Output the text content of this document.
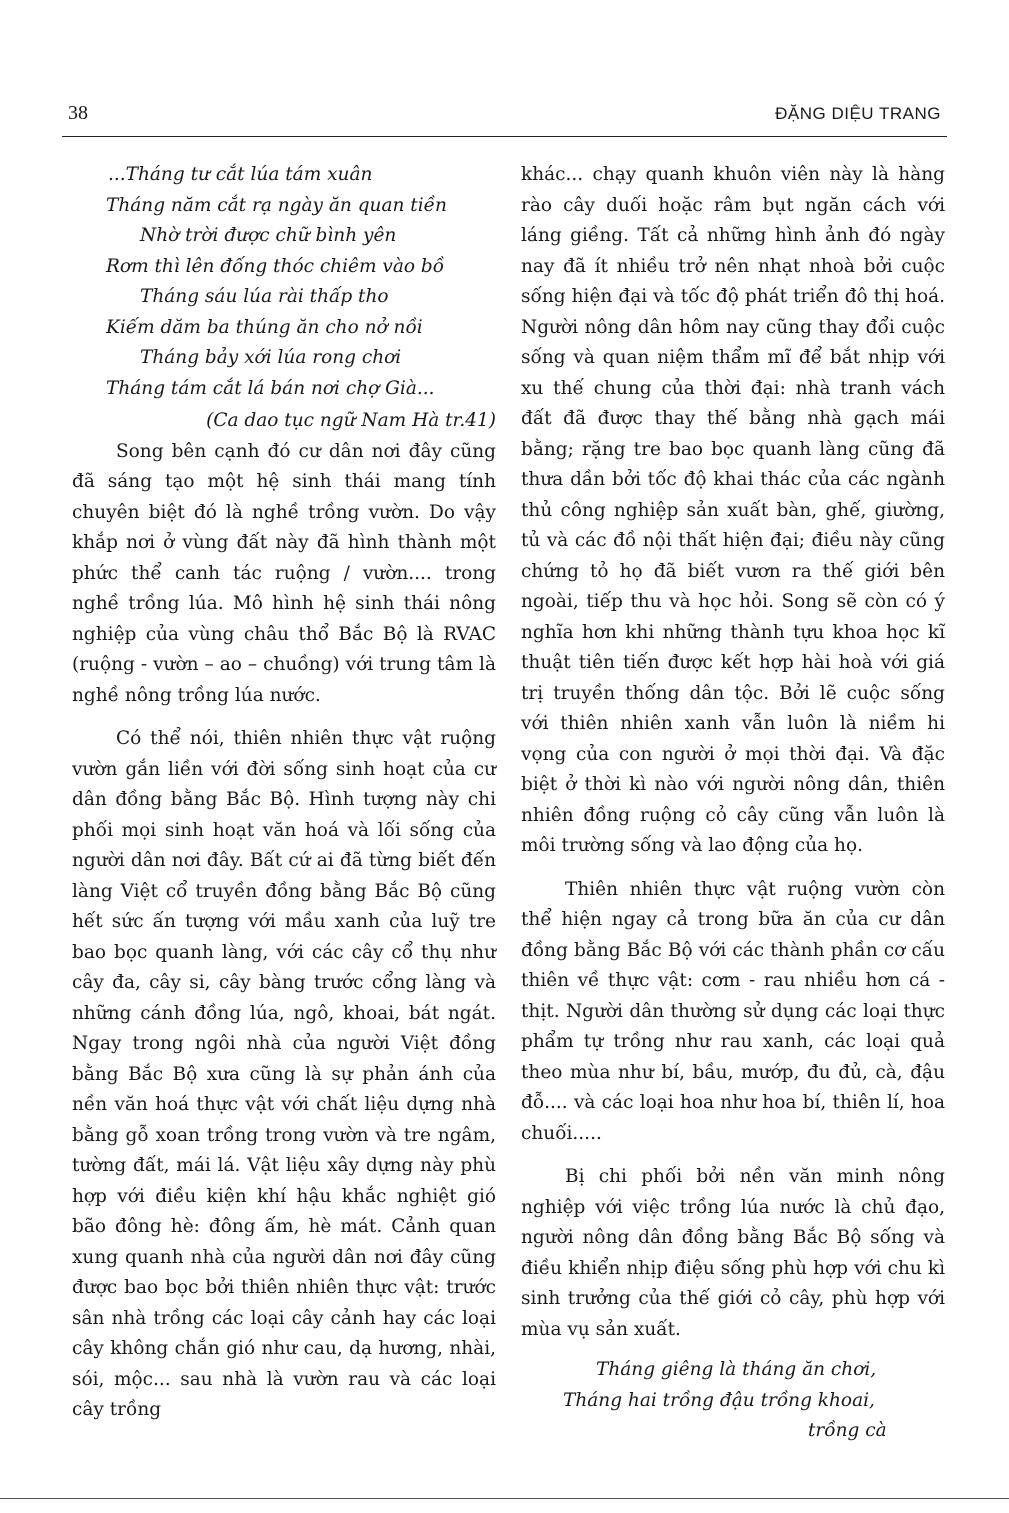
38	ĐẶNG DIỆU TRANG
...Tháng tư cắt lúa tám xuân
Tháng năm cắt rạ ngày ăn quan tiền
Nhờ trời được chữ bình yên
Rơm thì lên đống thóc chiêm vào bồ
Tháng sáu lúa rài thấp tho
Kiếm dăm ba thúng ăn cho nở nồi
Tháng bảy xới lúa rong chơi
Tháng tám cắt lá bán nơi chợ Già...
(Ca dao tục ngữ Nam Hà tr.41)

Song bên cạnh đó cư dân nơi đây cũng đã sáng tạo một hệ sinh thái mang tính chuyên biệt đó là nghề trồng vườn. Do vậy khắp nơi ở vùng đất này đã hình thành một phức thể canh tác ruộng / vườn.... trong nghề trồng lúa. Mô hình hệ sinh thái nông nghiệp của vùng châu thổ Bắc Bộ là RVAC (ruộng - vườn – ao – chuồng) với trung tâm là nghề nông trồng lúa nước.

Có thể nói, thiên nhiên thực vật ruộng vườn gắn liền với đời sống sinh hoạt của cư dân đồng bằng Bắc Bộ. Hình tượng này chi phối mọi sinh hoạt văn hoá và lối sống của người dân nơi đây. Bất cứ ai đã từng biết đến làng Việt cổ truyền đồng bằng Bắc Bộ cũng hết sức ấn tượng với mầu xanh của luỹ tre bao bọc quanh làng, với các cây cổ thụ như cây đa, cây si, cây bàng trước cổng làng và những cánh đồng lúa, ngô, khoai, bát ngát. Ngay trong ngôi nhà của người Việt đồng bằng Bắc Bộ xưa cũng là sự phản ánh của nền văn hoá thực vật với chất liệu dựng nhà bằng gỗ xoan trồng trong vườn và tre ngâm, tường đất, mái lá. Vật liệu xây dựng này phù hợp với điều kiện khí hậu khắc nghiệt gió bão đông hè: đông ấm, hè mát. Cảnh quan xung quanh nhà của người dân nơi đây cũng được bao bọc bởi thiên nhiên thực vật: trước sân nhà trồng các loại cây cảnh hay các loại cây không chắn gió như cau, dạ hương, nhài, sói, mộc... sau nhà là vườn rau và các loại cây trồng

khác... chạy quanh khuôn viên này là hàng rào cây duối hoặc râm bụt ngăn cách với láng giềng. Tất cả những hình ảnh đó ngày nay đã ít nhiều trở nên nhạt nhoà bởi cuộc sống hiện đại và tốc độ phát triển đô thị hoá. Người nông dân hôm nay cũng thay đổi cuộc sống và quan niệm thẩm mĩ để bắt nhịp với xu thế chung của thời đại: nhà tranh vách đất đã được thay thế bằng nhà gạch mái bằng; rặng tre bao bọc quanh làng cũng đã thưa dần bởi tốc độ khai thác của các ngành thủ công nghiệp sản xuất bàn, ghế, giường, tủ và các đồ nội thất hiện đại; điều này cũng chứng tỏ họ đã biết vươn ra thế giới bên ngoài, tiếp thu và học hỏi. Song sẽ còn có ý nghĩa hơn khi những thành tựu khoa học kĩ thuật tiên tiến được kết hợp hài hoà với giá trị truyền thống dân tộc. Bởi lẽ cuộc sống với thiên nhiên xanh vẫn luôn là niềm hi vọng của con người ở mọi thời đại. Và đặc biệt ở thời kì nào với người nông dân, thiên nhiên đồng ruộng cỏ cây cũng vẫn luôn là môi trường sống và lao động của họ.

Thiên nhiên thực vật ruộng vườn còn thể hiện ngay cả trong bữa ăn của cư dân đồng bằng Bắc Bộ với các thành phần cơ cấu thiên về thực vật: cơm - rau nhiều hơn cá - thịt. Người dân thường sử dụng các loại thực phẩm tự trồng như rau xanh, các loại quả theo mùa như bí, bầu, mướp, đu đủ, cà, đậu đỗ.... và các loại hoa như hoa bí, thiên lí, hoa chuối.....

Bị chi phối bởi nền văn minh nông nghiệp với việc trồng lúa nước là chủ đạo, người nông dân đồng bằng Bắc Bộ sống và điều khiển nhịp điệu sống phù hợp với chu kì sinh trưởng của thế giới cỏ cây, phù hợp với mùa vụ sản xuất.

Tháng giêng là tháng ăn chơi,
Tháng hai trồng đậu trồng khoai,
trồng cà
